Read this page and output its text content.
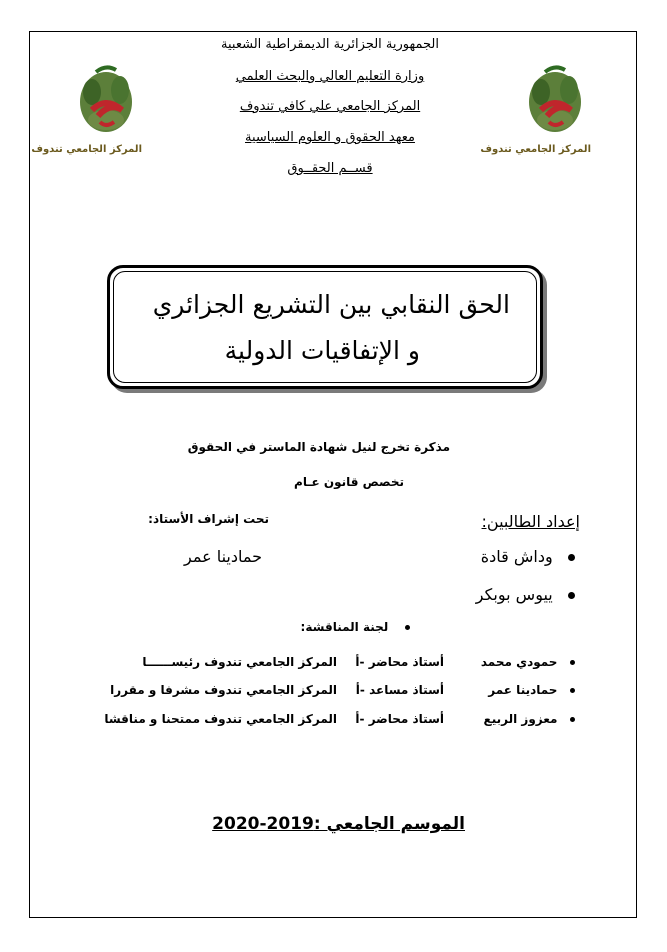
المركز الجامعي تندوف	المركز الجامعي تندوف
الجمهورية الجزائرية الديمقراطية الشعبية
وزارة التعليم العالي والبحث العلمي
المركز الجامعي علي كافي تندوف
معهد الحقوق و العلوم السياسية
قســم الحقــوق
الحق النقابي بين التشريع الجزائري
و الإتفاقيات الدولية
مذكرة تخرج لنيل شهادة الماستر في الحقوق
تخصص قانون عـام
إعداد الطالبين:
تحت إشراف الأستاذ:
وداش قادة
حمادينا عمر
ييوس بوبكر
لجنة المناقشة:
حمودي محمد
أستاذ محاضر -أ
المركز الجامعي تندوف
رئيســــــا
حمادينا عمر
أستاذ مساعد -أ
المركز الجامعي تندوف
مشرفا و مقررا
معزوز الربيع
أستاذ محاضر -أ
المركز الجامعي تندوف
ممتحنا و مناقشا
الموسم الجامعي :2019-2020
